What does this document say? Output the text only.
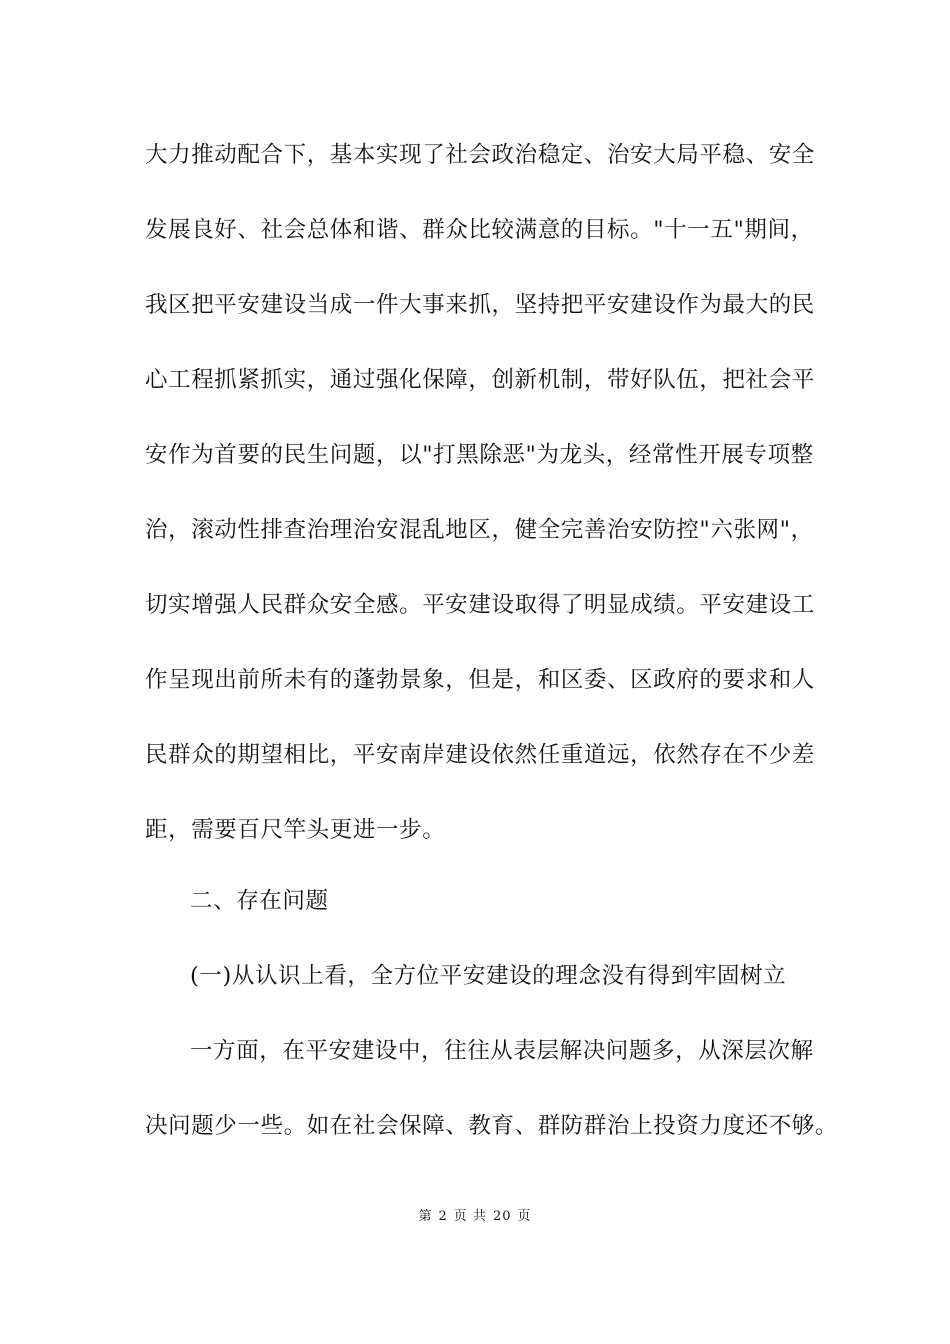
大力推动配合下，基本实现了社会政治稳定、治安大局平稳、安全
发展良好、社会总体和谐、群众比较满意的目标。"十一五"期间，
我区把平安建设当成一件大事来抓，坚持把平安建设作为最大的民
心工程抓紧抓实，通过强化保障，创新机制，带好队伍，把社会平
安作为首要的民生问题，以"打黑除恶"为龙头，经常性开展专项整
治，滚动性排查治理治安混乱地区，健全完善治安防控"六张网"，
切实增强人民群众安全感。平安建设取得了明显成绩。平安建设工
作呈现出前所未有的蓬勃景象，但是，和区委、区政府的要求和人
民群众的期望相比，平安南岸建设依然任重道远，依然存在不少差
距，需要百尺竿头更进一步。
二、存在问题
(一)从认识上看，全方位平安建设的理念没有得到牢固树立
一方面，在平安建设中，往往从表层解决问题多，从深层次解
决问题少一些。如在社会保障、教育、群防群治上投资力度还不够。
第 2 页 共 20 页
